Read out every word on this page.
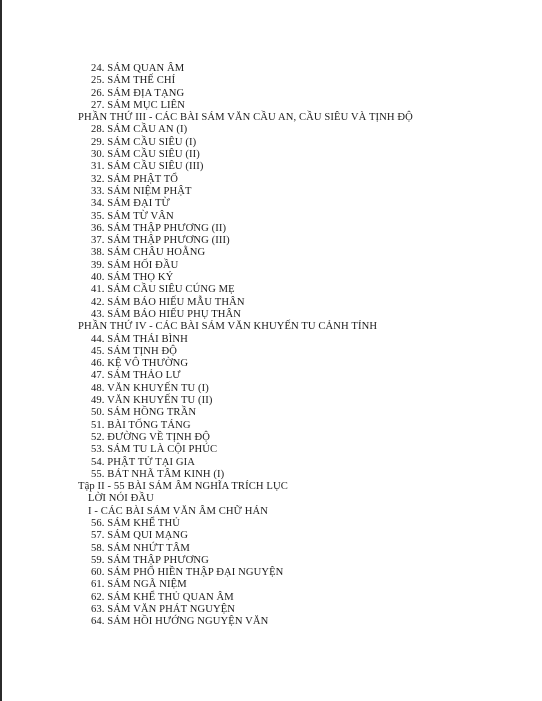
24. SÁM QUAN ÂM
25. SÁM THẾ CHÍ
26. SÁM ĐỊA TẠNG
27. SÁM MỤC LIÊN
PHẦN THỨ III - CÁC BÀI SÁM VĂN CẦU AN, CẦU SIÊU VÀ TỊNH ĐỘ
28. SÁM CẦU AN (I)
29. SÁM CẦU SIÊU (I)
30. SÁM CẦU SIÊU (II)
31. SÁM CẦU SIÊU (III)
32. SÁM PHẬT TỔ
33. SÁM NIỆM PHẬT
34. SÁM ĐẠI TỪ
35. SÁM TỪ VÂN
36. SÁM THẬP PHƯƠNG (II)
37. SÁM THẬP PHƯƠNG (III)
38. SÁM CHÂU HOẰNG
39. SÁM HỐI ĐẦU
40. SÁM THỌ KÝ
41. SÁM CẦU SIÊU CÚNG MẸ
42. SÁM BÁO HIẾU MẪU THÂN
43. SÁM BÁO HIẾU PHỤ THÂN
PHẦN THỨ IV - CÁC BÀI SÁM VĂN KHUYẾN TU CẢNH TỈNH
44. SÁM THÁI BÌNH
45. SÁM TỊNH ĐỘ
46. KỆ VÔ THƯỜNG
47. SÁM THẢO LƯ
48. VĂN KHUYẾN TU (I)
49. VĂN KHUYẾN TU (II)
50. SÁM HỒNG TRẦN
51. BÀI TỐNG TÁNG
52. ĐƯỜNG VỀ TỊNH ĐỘ
53. SÁM TU LÀ CỘI PHÚC
54. PHẬT TỬ TẠI GIA
55. BÁT NHÃ TÂM KINH (I)
Tập II - 55 BÀI SÁM ÂM NGHĨA TRÍCH LỤC
LỜI NÓI ĐẦU
I - CÁC BÀI SÁM VĂN ÂM CHỮ HÁN
56. SÁM KHỂ THỦ
57. SÁM QUI MẠNG
58. SÁM NHỨT TÂM
59. SÁM THẬP PHƯƠNG
60. SÁM PHỔ HIỀN THẬP ĐẠI NGUYỆN
61. SÁM NGÃ NIỆM
62. SÁM KHỂ THỦ QUAN ÂM
63. SÁM VĂN PHÁT NGUYỆN
64. SÁM HỒI HƯỚNG NGUYỆN VĂN
